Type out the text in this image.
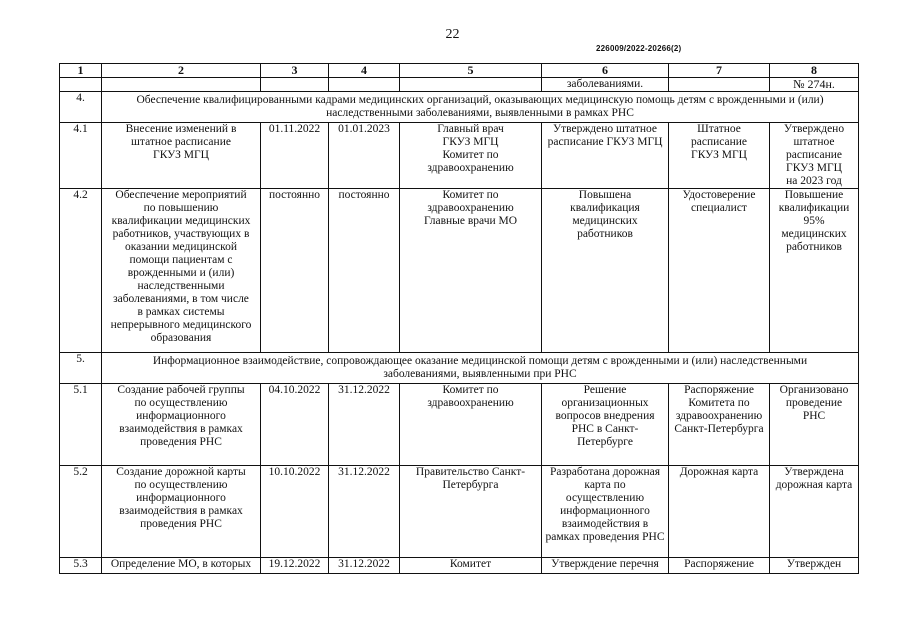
22
226009/2022-20266(2)
1	2	3	4	5	6	7	8
					заболеваниями.		№ 274н.
4.	Обеспечение квалифицированными кадрами медицинских организаций, оказывающих медицинскую помощь детям с врожденными и (или) наследственными заболеваниями, выявленными в рамках РНС						
4.1	Внесение изменений в штатное расписание ГКУЗ МГЦ	01.11.2022	01.01.2023	Главный врач ГКУЗ МГЦ Комитет по здравоохранению	Утверждено штатное расписание ГКУЗ МГЦ	Штатное расписание ГКУЗ МГЦ	Утверждено штатное расписание ГКУЗ МГЦ на 2023 год
4.2	Обеспечение мероприятий по повышению квалификации медицинских работников, участвующих в оказании медицинской помощи пациентам с врожденными и (или) наследственными заболеваниями, в том числе в рамках системы непрерывного медицинского образования	постоянно	постоянно	Комитет по здравоохранению Главные врачи МО	Повышена квалификация медицинских работников	Удостоверение специалист	Повышение квалификации 95% медицинских работников
5.	Информационное взаимодействие, сопровождающее оказание медицинской помощи детям с врожденными и (или) наследственными заболеваниями, выявленными при РНС						
5.1	Создание рабочей группы по осуществлению информационного взаимодействия в рамках проведения РНС	04.10.2022	31.12.2022	Комитет по здравоохранению	Решение организационных вопросов внедрения РНС в Санкт-Петербурге	Распоряжение Комитета по здравоохранению Санкт-Петербурга	Организовано проведение РНС
5.2	Создание дорожной карты по осуществлению информационного взаимодействия в рамках проведения РНС	10.10.2022	31.12.2022	Правительство Санкт-Петербурга	Разработана дорожная карта по осуществлению информационного взаимодействия в рамках проведения РНС	Дорожная карта	Утверждена дорожная карта
5.3	Определение МО, в которых	19.12.2022	31.12.2022	Комитет	Утверждение перечня	Распоряжение	Утвержден
